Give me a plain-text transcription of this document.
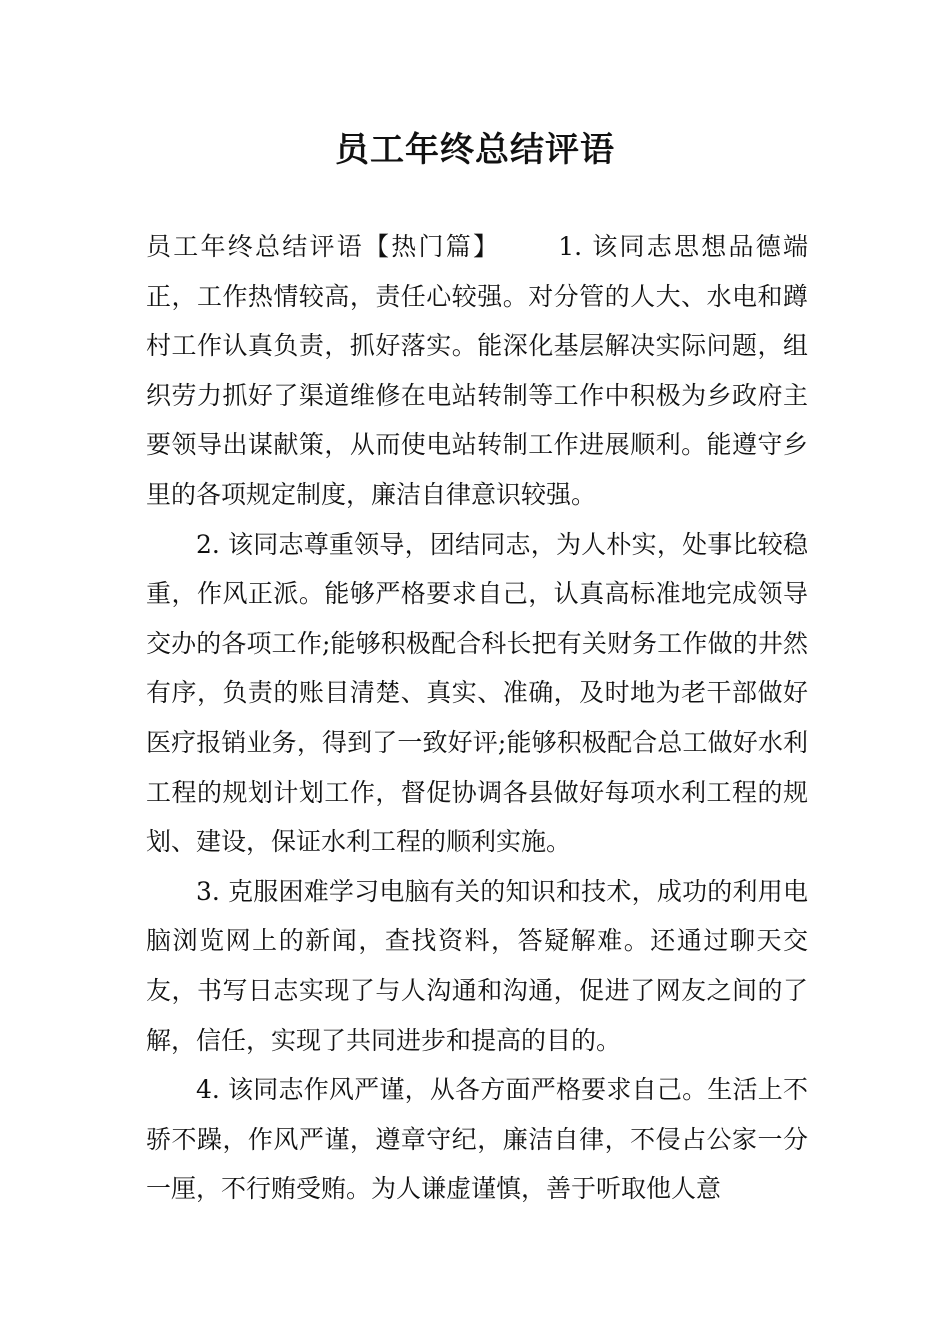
员工年终总结评语

员工年终总结评语【热门篇】 1. 该同志思想品德端正，工作热情较高，责任心较强。对分管的人大、水电和蹲村工作认真负责，抓好落实。能深化基层解决实际问题，组织劳力抓好了渠道维修在电站转制等工作中积极为乡政府主要领导出谋献策，从而使电站转制工作进展顺利。能遵守乡里的各项规定制度，廉洁自律意识较强。

2. 该同志尊重领导，团结同志，为人朴实，处事比较稳重，作风正派。能够严格要求自己，认真高标准地完成领导交办的各项工作;能够积极配合科长把有关财务工作做的井然有序，负责的账目清楚、真实、准确，及时地为老干部做好医疗报销业务，得到了一致好评;能够积极配合总工做好水利工程的规划计划工作，督促协调各县做好每项水利工程的规划、建设，保证水利工程的顺利实施。

3. 克服困难学习电脑有关的知识和技术，成功的利用电脑浏览网上的新闻，查找资料，答疑解难。还通过聊天交友，书写日志实现了与人沟通和沟通，促进了网友之间的了解，信任，实现了共同进步和提高的目的。

4. 该同志作风严谨，从各方面严格要求自己。生活上不骄不躁，作风严谨，遵章守纪，廉洁自律，不侵占公家一分一厘，不行贿受贿。为人谦虚谨慎，善于听取他人意
